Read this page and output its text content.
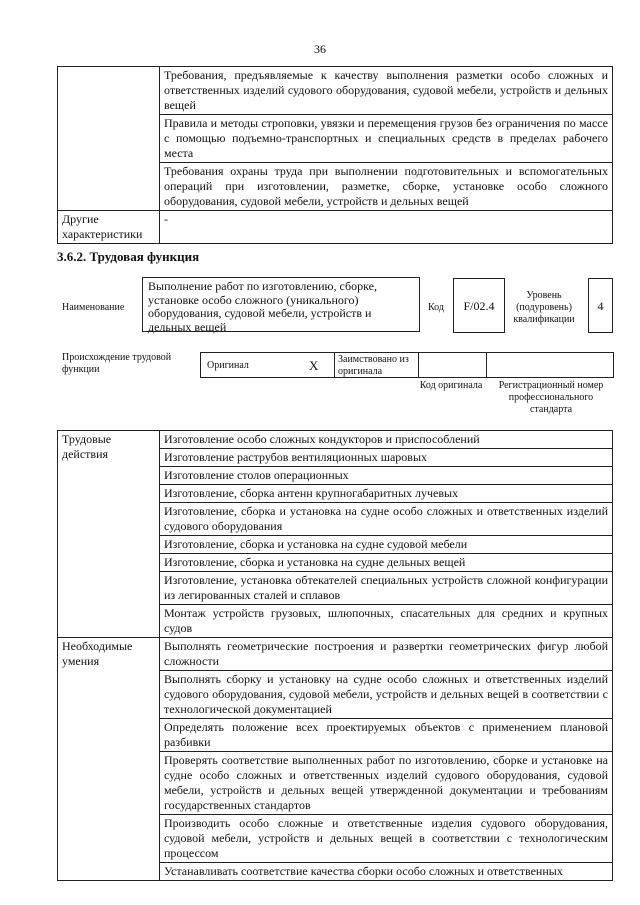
36
	Требования, предъявляемые к качеству выполнения разметки особо сложных и ответственных изделий судового оборудования, судовой мебели, устройств и дельных вещей
	Правила и методы строповки, увязки и перемещения грузов без ограничения по массе с помощью подъемно-транспортных и специальных средств в пределах рабочего места
	Требования охраны труда при выполнении подготовительных и вспомогательных операций при изготовлении, разметке, сборке, установке особо сложного оборудования, судовой мебели, устройств и дельных вещей
Другие характеристики	-
3.6.2. Трудовая функция
Наименование
Выполнение работ по изготовлению, сборке, установке особо сложного (уникального) оборудования, судовой мебели, устройств и дельных вещей
Код	F/02.4
Уровень (подуровень) квалификации
4
Происхождение трудовой функции	Оригинал	X Заимствовано из оригинала
Код оригинала	Регистрационный номер профессионального стандарта
Трудовые действия	Изготовление особо сложных кондукторов и приспособлений
	Изготовление раструбов вентиляционных шаровых
	Изготовление столов операционных
	Изготовление, сборка антенн крупногабаритных лучевых
	Изготовление, сборка и установка на судне особо сложных и ответственных изделий судового оборудования
	Изготовление, сборка и установка на судне судовой мебели
	Изготовление, сборка и установка на судне дельных вещей
	Изготовление, установка обтекателей специальных устройств сложной конфигурации из легированных сталей и сплавов
	Монтаж устройств грузовых, шлюпочных, спасательных для средних и крупных судов
Необходимые умения	Выполнять геометрические построения и развертки геометрических фигур любой сложности
	Выполнять сборку и установку на судне особо сложных и ответственных изделий судового оборудования, судовой мебели, устройств и дельных вещей в соответствии с технологической документацией
	Определять положение всех проектируемых объектов с применением плановой разбивки
	Проверять соответствие выполненных работ по изготовлению, сборке и установке на судне особо сложных и ответственных изделий судового оборудования, судовой мебели, устройств и дельных вещей утвержденной документации и требованиям государственных стандартов
	Производить особо сложные и ответственные изделия судового оборудования, судовой мебели, устройств и дельных вещей в соответствии с технологическим процессом
	Устанавливать соответствие качества сборки особо сложных и ответственных
